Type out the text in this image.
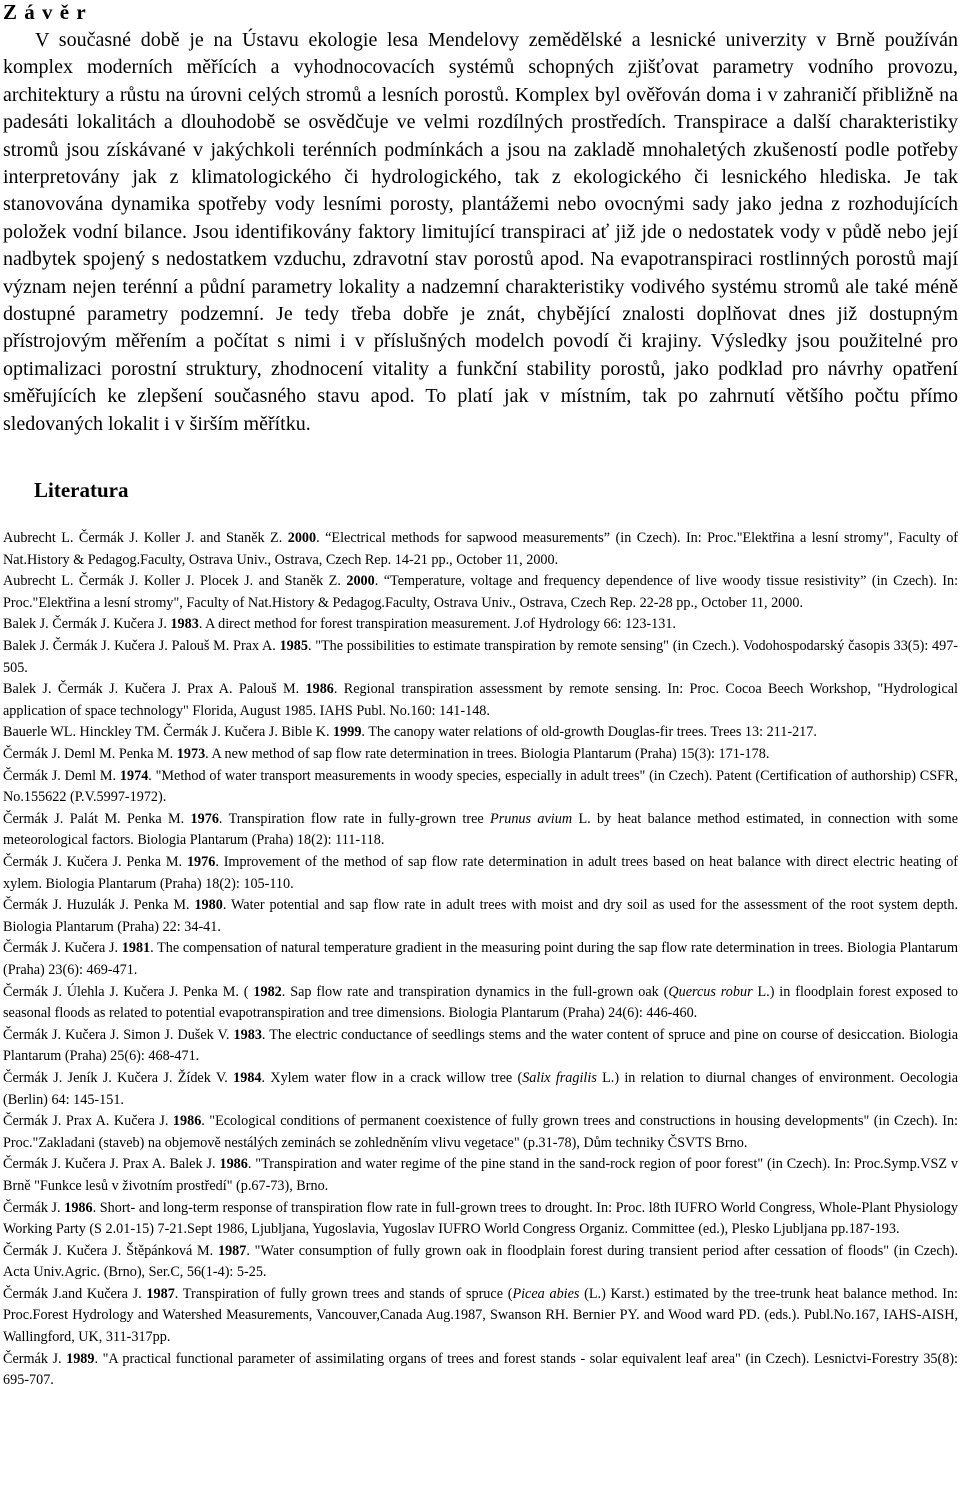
Z á v ě r

V současné době je na Ústavu ekologie lesa Mendelovy zemědělské a lesnické univerzity v Brně používán komplex moderních měřících a vyhodnocovacích systémů schopných zjišťovat parametry vodního provozu, architektury a růstu na úrovni celých stromů a lesních porostů. Komplex byl ověřován doma i v zahraničí přibližně na padesáti lokalitách a dlouhodobě se osvědčuje ve velmi rozdílných prostředích. Transpirace a další charakteristiky stromů jsou získávané v jakýchkoli terénních podmínkách a jsou na zakladě mnohaletých zkušeností podle potřeby interpretovány jak z klimatologického či hydrologického, tak z ekologického či lesnického hlediska. Je tak stanovována dynamika spotřeby vody lesními porosty, plantážemi nebo ovocnými sady jako jedna z rozhodujících položek vodní bilance. Jsou identifikovány faktory limitující transpiraci ať již jde o nedostatek vody v půdě nebo její nadbytek spojený s nedostatkem vzduchu, zdravotní stav porostů apod. Na evapotranspiraci rostlinných porostů mají význam nejen terénní a půdní parametry lokality a nadzemní charakteristiky vodivého systému stromů ale také méně dostupné parametry podzemní. Je tedy třeba dobře je znát, chybějící znalosti doplňovat dnes již dostupným přístrojovým měřením a počítat s nimi i v příslušných modelch povodí či krajiny. Výsledky jsou použitelné pro optimalizaci porostní struktury, zhodnocení vitality a funkční stability porostů, jako podklad pro návrhy opatření směřujících ke zlepšení současného stavu apod. To platí jak v místním, tak po zahrnutí většího počtu přímo sledovaných lokalit i v širším měřítku.

Literatura

Aubrecht L. Čermák J. Koller J. and Staněk Z. 2000. “Electrical methods for sapwood measurements” (in Czech). In: Proc."Elektřina a lesní stromy", Faculty of Nat.History & Pedagog.Faculty, Ostrava Univ., Ostrava, Czech Rep. 14-21 pp., October 11, 2000.

Aubrecht L. Čermák J. Koller J. Plocek J. and Staněk Z. 2000. “Temperature, voltage and frequency dependence of live woody tissue resistivity” (in Czech). In: Proc."Elektřina a lesní stromy", Faculty of Nat.History & Pedagog.Faculty, Ostrava Univ., Ostrava, Czech Rep. 22-28 pp., October 11, 2000.

Balek J. Čermák J. Kučera J. 1983. A direct method for forest transpiration measurement. J.of Hydrology 66: 123-131.

Balek J. Čermák J. Kučera J. Palouš M. Prax A. 1985. "The possibilities to estimate transpiration by remote sensing" (in Czech.). Vodohospodarský časopis 33(5): 497-505.

Balek J. Čermák J. Kučera J. Prax A. Palouš M. 1986. Regional transpiration assessment by remote sensing. In: Proc. Cocoa Beech Workshop, "Hydrological application of space technology" Florida, August 1985. IAHS Publ. No.160: 141-148.

Bauerle WL. Hinckley TM. Čermák J. Kučera J. Bible K. 1999. The canopy water relations of old-growth Douglas-fir trees. Trees 13: 211-217.

Čermák J. Deml M. Penka M. 1973. A new method of sap flow rate determination in trees. Biologia Plantarum (Praha) 15(3): 171-178.

Čermák J. Deml M. 1974. "Method of water transport measurements in woody species, especially in adult trees" (in Czech). Patent (Certification of authorship) CSFR, No.155622 (P.V.5997-1972).

Čermák J. Palát M. Penka M. 1976. Transpiration flow rate in fully-grown tree Prunus avium L. by heat balance method estimated, in connection with some meteorological factors. Biologia Plantarum (Praha) 18(2): 111-118.

Čermák J. Kučera J. Penka M. 1976. Improvement of the method of sap flow rate determination in adult trees based on heat balance with direct electric heating of xylem. Biologia Plantarum (Praha) 18(2): 105-110.

Čermák J. Huzulák J. Penka M. 1980. Water potential and sap flow rate in adult trees with moist and dry soil as used for the assessment of the root system depth. Biologia Plantarum (Praha) 22: 34-41.

Čermák J. Kučera J. 1981. The compensation of natural temperature gradient in the measuring point during the sap flow rate determination in trees. Biologia Plantarum (Praha) 23(6): 469-471.

Čermák J. Úlehla J. Kučera J. Penka M. ( 1982. Sap flow rate and transpiration dynamics in the full-grown oak (Quercus robur L.) in floodplain forest exposed to seasonal floods as related to potential evapotranspiration and tree dimensions. Biologia Plantarum (Praha) 24(6): 446-460.

Čermák J. Kučera J. Simon J. Dušek V. 1983. The electric conductance of seedlings stems and the water content of spruce and pine on course of desiccation. Biologia Plantarum (Praha) 25(6): 468-471.

Čermák J. Jeník J. Kučera J. Žídek V. 1984. Xylem water flow in a crack willow tree (Salix fragilis L.) in relation to diurnal changes of environment. Oecologia (Berlin) 64: 145-151.

Čermák J. Prax A. Kučera J. 1986. "Ecological conditions of permanent coexistence of fully grown trees and constructions in housing developments" (in Czech). In: Proc."Zakladani (staveb) na objemově nestálých zeminách se zohledněním vlivu vegetace" (p.31-78), Dům techniky ČSVTS Brno.

Čermák J. Kučera J. Prax A. Balek J. 1986. "Transpiration and water regime of the pine stand in the sand-rock region of poor forest" (in Czech). In: Proc.Symp.VSZ v Brně "Funkce lesů v životním prostředí" (p.67-73), Brno.

Čermák J. 1986. Short- and long-term response of transpiration flow rate in full-grown trees to drought. In: Proc. l8th IUFRO World Congress, Whole-Plant Physiology Working Party (S 2.01-15) 7-21.Sept 1986, Ljubljana, Yugoslavia, Yugoslav IUFRO World Congress Organiz. Committee (ed.), Plesko Ljubljana pp.187-193.

Čermák J. Kučera J. Štěpánková M. 1987. "Water consumption of fully grown oak in floodplain forest during transient period after cessation of floods" (in Czech). Acta Univ.Agric. (Brno), Ser.C, 56(1-4): 5-25.

Čermák J.and Kučera J. 1987. Transpiration of fully grown trees and stands of spruce (Picea abies (L.) Karst.) estimated by the tree-trunk heat balance method. In: Proc.Forest Hydrology and Watershed Measurements, Vancouver,Canada Aug.1987, Swanson RH. Bernier PY. and Wood ward PD. (eds.). Publ.No.167, IAHS-AISH, Wallingford, UK, 311-317pp.

Čermák J. 1989. "A practical functional parameter of assimilating organs of trees and forest stands - solar equivalent leaf area" (in Czech). Lesnictvi-Forestry 35(8): 695-707.
